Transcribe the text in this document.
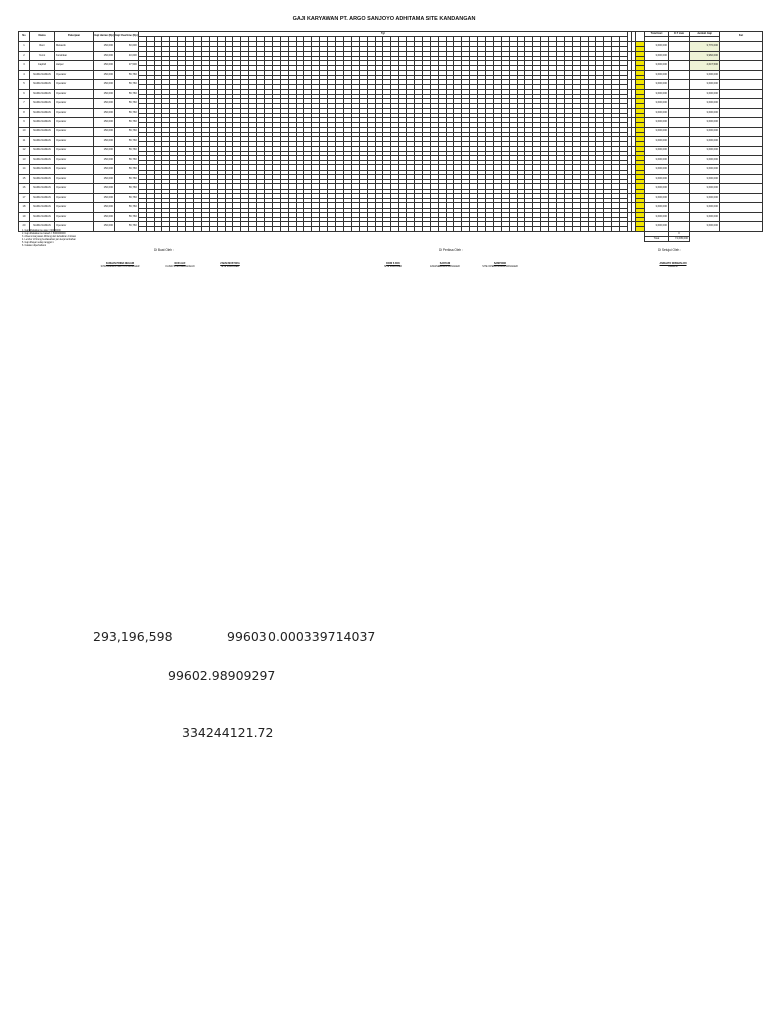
GAJI KARYAWAN PT. ARGO SANJOYO ADHITAMA SITE KANDANGAN
No	Nama	Pekerjaan	Gaji Harian (Rp)	Gaji Overtime (Rp)	Tgl				Total Hari	O.T Jam	Jumlah Gaji	Ket

1	Reni	Mekanik	150,000	60,000																																																																		3,600,000		3,770,000	

2	Yenni	Kerahkan	150,000	40,000																																																																		3,600,000		3,960,000	

3	Caphid	Helper	150,000	37,500																																																																		3,600,000		4,647,500	

4	NAMA NAMAN	Operator	150,000	56,760																																																																		3,600,000		3,600,000	

5	NAMA NAMAN	Operator	150,000	56,760																																																																		3,600,000		3,600,000	

6	NAMA NAMAN	Operator	150,000	56,760																																																																		3,600,000		3,600,000	

7	NAMA NAMAN	Operator	150,000	56,760																																																																		3,600,000		3,600,000	

8	NAMA NAMAN	Operator	150,000	56,760																																																																		3,600,000		3,600,000	

9	NAMA NAMAN	Operator	150,000	56,760																																																																		3,600,000		3,600,000	

10	NAMA NAMAN	Operator	150,000	56,760																																																																		3,600,000		3,600,000	

11	NAMA NAMAN	Operator	150,000	56,760																																																																		3,600,000		3,600,000	

12	NAMA NAMAN	Operator	150,000	56,760																																																																		3,600,000		3,600,000	

13	NAMA NAMAN	Operator	150,000	56,760																																																																		3,600,000		3,600,000	

14	NAMA NAMAN	Operator	150,000	56,760																																																																		3,600,000		3,600,000	

15	NAMA NAMAN	Operator	150,000	56,760																																																																		3,600,000		3,600,000	

16	NAMA NAMAN	Operator	150,000	56,760																																																																		3,600,000		3,600,000	

17	NAMA NAMAN	Operator	150,000	56,760																																																																		3,600,000		3,600,000	

18	NAMA NAMAN	Operator	150,000	56,760																																																																		3,600,000		3,600,000	

19	NAMA NAMAN	Operator	150,000	56,760																																																																		3,600,000		3,600,000	

20	NAMA NAMAN	Operator	150,000	56,760																																																																		3,600,000		3,600,000	

		0	
	Total	74,695,000	
1. Gaji dibulatkan ke atas = 60000000
2. Gaji dibulatkan ke bawah = 5000000000
3. Absensi karyawan dihitung dari kehadiran di lokasi
4. Lembur di hitung berdasarkan jam kerja tambahan
5. Gaji dibayar setiap tanggal 1
6. Catatan diperbaharui
Di Buat Oleh :	Di Periksa Oleh :	Di Setujui Oleh :
FARHAN PRIMA NEGARI
SITE ADMINISTRATION MANAGER
NUR ALIF
KASIR SITE KANDANGAN
ZAENI MUSTOFA
SITE MANAGER
DODI S PAK
SITE MANAGER
SARYADI
ENGINEERING MANAGER
SAMPONO
SITE OPERATIONAL MANAGER
ANDHATO WISMAN ARI
DIREKSI
293,196,598	99603 0.000339714037
99602.98909297
334244121.72
